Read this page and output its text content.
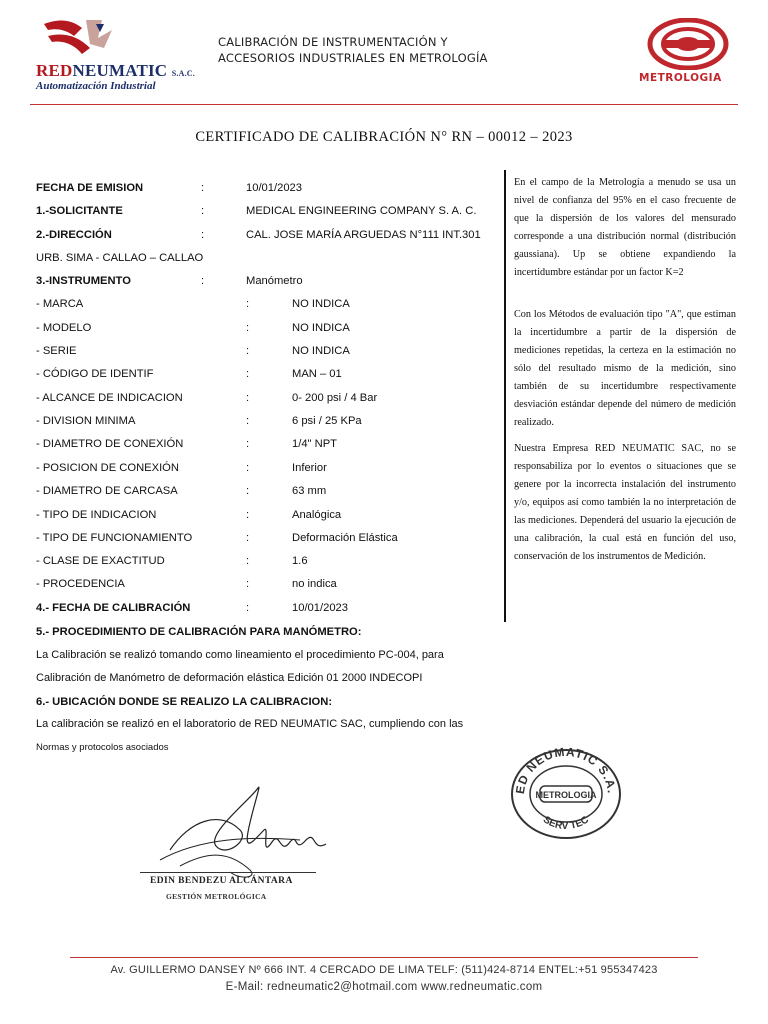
REDNEUMATIC S.A.C.
Automatización Industrial
CALIBRACIÓN DE INSTRUMENTACIÓN Y
ACCESORIOS INDUSTRIALES EN METROLOGÍA
METROLOGIA
CERTIFICADO DE CALIBRACIÓN N° RN – 00012 – 2023
FECHA DE EMISION	:	10/01/2023
1.-SOLICITANTE	:	MEDICAL ENGINEERING COMPANY S. A. C.
2.-DIRECCIÓN	:	CAL. JOSE MARÍA ARGUEDAS N°111 INT.301
URB. SIMA - CALLAO – CALLAO
3.-INSTRUMENTO	:	Manómetro
- MARCA	:	NO INDICA
- MODELO	:	NO INDICA
- SERIE	:	NO INDICA
- CÓDIGO DE IDENTIF	:	MAN – 01
- ALCANCE DE INDICACION	:	0- 200 psi / 4 Bar
- DIVISION MINIMA	:	6 psi / 25 KPa
- DIAMETRO DE CONEXIÓN	:	1/4" NPT
- POSICION DE CONEXIÓN	:	Inferior
- DIAMETRO DE CARCASA	:	63 mm
- TIPO DE INDICACION	:	Analógica
- TIPO DE FUNCIONAMIENTO	:	Deformación Elástica
- CLASE DE EXACTITUD	:	1.6
- PROCEDENCIA	:	no indica
4.- FECHA DE CALIBRACIÓN	:	10/01/2023
5.- PROCEDIMIENTO DE CALIBRACIÓN PARA MANÓMETRO:
La Calibración se realizó tomando como lineamiento el procedimiento PC-004, para
Calibración de Manómetro de deformación elástica Edición 01 2000 INDECOPI
6.- UBICACIÓN DONDE SE REALIZO LA CALIBRACION:
La calibración se realizó en el laboratorio de RED NEUMATIC SAC, cumpliendo con las
Normas y protocolos asociados
En el campo de la Metrología a menudo se usa un nivel de confianza del 95% en el caso frecuente de que la dispersión de los valores del mensurado corresponde a una distribución normal (distribución gaussiana). Up se obtiene expandiendo la incertidumbre estándar por un factor K=2
Con los Métodos de evaluación tipo "A", que estiman la incertidumbre a partir de la dispersión de mediciones repetidas, la certeza en la estimación no sólo del resultado mismo de la medición, sino también de su incertidumbre respectivamente desviación estándar depende del número de medición realizado.
Nuestra Empresa RED NEUMATIC SAC, no se responsabiliza por lo eventos o situaciones que se genere por la incorrecta instalación del instrumento y/o, equipos así como también la no interpretación de las mediciones. Dependerá del usuario la ejecución de una calibración, la cual está en función del uso, conservación de los instrumentos de Medición.
ED NEUMATIC S.A.
METROLOGIA
SERV TEC
EDIN BENDEZU ALCÁNTARA
GESTIÓN METROLÓGICA
Av. GUILLERMO DANSEY Nº 666 INT. 4 CERCADO DE LIMA TELF: (511)424-8714 ENTEL:+51 955347423
E-Mail: redneumatic2@hotmail.com www.redneumatic.com
